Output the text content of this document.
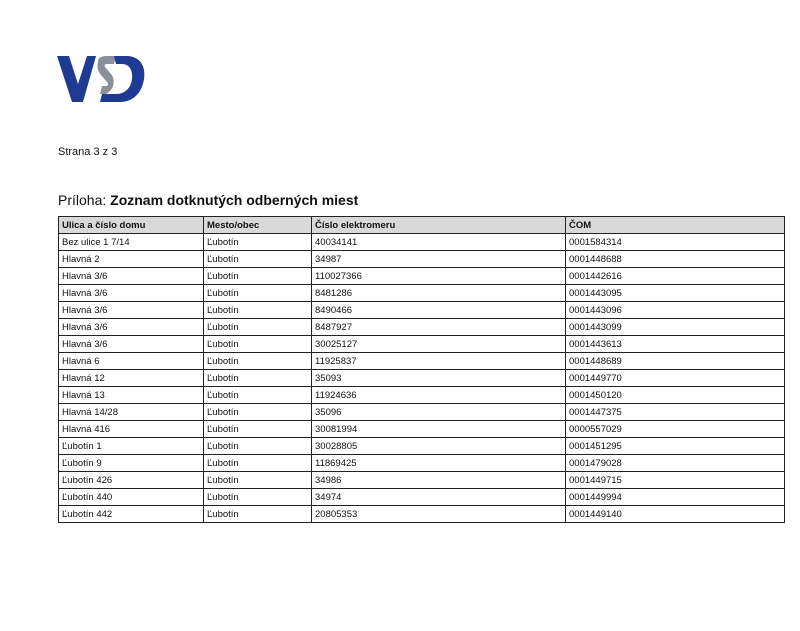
Strana 3 z 3
Príloha: Zoznam dotknutých odberných miest
Ulica a číslo domu	Mesto/obec	Číslo elektromeru	ČOM
Bez ulice 1 7/14	Ľubotín	40034141	0001584314
Hlavná 2	Ľubotín	34987	0001448688
Hlavná 3/6	Ľubotín	110027366	0001442616
Hlavná 3/6	Ľubotín	8481286	0001443095
Hlavná 3/6	Ľubotín	8490466	0001443096
Hlavná 3/6	Ľubotín	8487927	0001443099
Hlavná 3/6	Ľubotín	30025127	0001443613
Hlavná 6	Ľubotín	11925837	0001448689
Hlavná 12	Ľubotín	35093	0001449770
Hlavná 13	Ľubotín	11924636	0001450120
Hlavná 14/28	Ľubotín	35096	0001447375
Hlavná 416	Ľubotín	30081994	0000557029
Ľubotín 1	Ľubotín	30028805	0001451295
Ľubotín 9	Ľubotín	11869425	0001479028
Ľubotín 426	Ľubotín	34986	0001449715
Ľubotín 440	Ľubotín	34974	0001449994
Ľubotín 442	Ľubotín	20805353	0001449140
